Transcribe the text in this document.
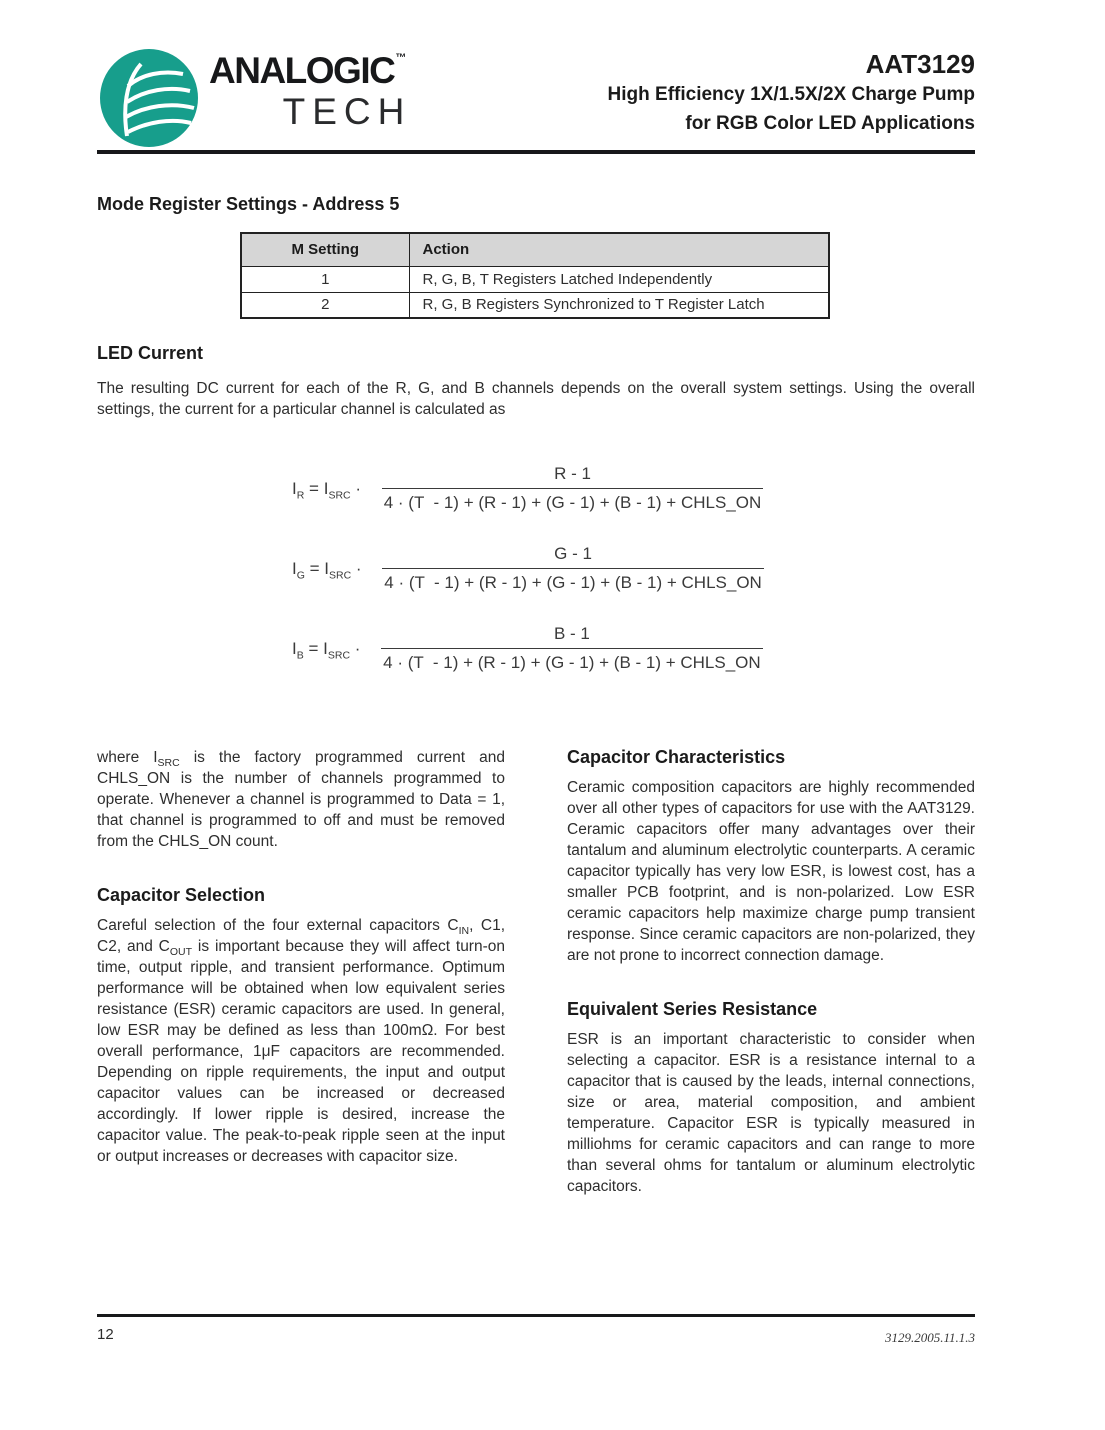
ANALOGIC™
TECH
AAT3129
High Efficiency 1X/1.5X/2X Charge Pump
for RGB Color LED Applications
Mode Register Settings - Address 5
M Setting	Action
1	R, G, B, T Registers Latched Independently
2	R, G, B Registers Synchronized to T Register Latch
LED Current

The resulting DC current for each of the R, G, and B channels depends on the overall system settings. Using the overall settings, the current for a particular channel is calculated as

$I_R = I_{SRC} \cdot \frac{R - 1}{\text{4 · (T  - 1) + (R - 1) + (G - 1) + (B - 1) + CHLS\_ON}}$
$I_G = I_{SRC} \cdot \frac{G - 1}{\text{4 · (T  - 1) + (R - 1) + (G - 1) + (B - 1) + CHLS\_ON}}$
$I_B = I_{SRC} \cdot \frac{B - 1}{\text{4 · (T  - 1) + (R - 1) + (G - 1) + (B - 1) + CHLS\_ON}}$

where $I_{SRC}$ is the factory programmed current and CHLS_ON is the number of channels programmed to operate. Whenever a channel is programmed to Data = 1, that channel is programmed to off and must be removed from the CHLS_ON count.

Capacitor Selection

Careful selection of the four external capacitors $C_{IN}$, C1, C2, and $C_{OUT}$ is important because they will affect turn-on time, output ripple, and transient performance. Optimum performance will be obtained when low equivalent series resistance (ESR) ceramic capacitors are used. In general, low ESR may be defined as less than 100mΩ. For best overall performance, 1μF capacitors are recommended. Depending on ripple requirements, the input and output capacitor values can be increased or decreased accordingly. If lower ripple is desired, increase the capacitor value. The peak-to-peak ripple seen at the input or output increases or decreases with capacitor size.

Capacitor Characteristics

Ceramic composition capacitors are highly recommended over all other types of capacitors for use with the AAT3129. Ceramic capacitors offer many advantages over their tantalum and aluminum electrolytic counterparts. A ceramic capacitor typically has very low ESR, is lowest cost, has a smaller PCB footprint, and is non-polarized. Low ESR ceramic capacitors help maximize charge pump transient response. Since ceramic capacitors are non-polarized, they are not prone to incorrect connection damage.

Equivalent Series Resistance

ESR is an important characteristic to consider when selecting a capacitor. ESR is a resistance internal to a capacitor that is caused by the leads, internal connections, size or area, material composition, and ambient temperature. Capacitor ESR is typically measured in milliohms for ceramic capacitors and can range to more than several ohms for tantalum or aluminum electrolytic capacitors.

12	3129.2005.11.1.3
